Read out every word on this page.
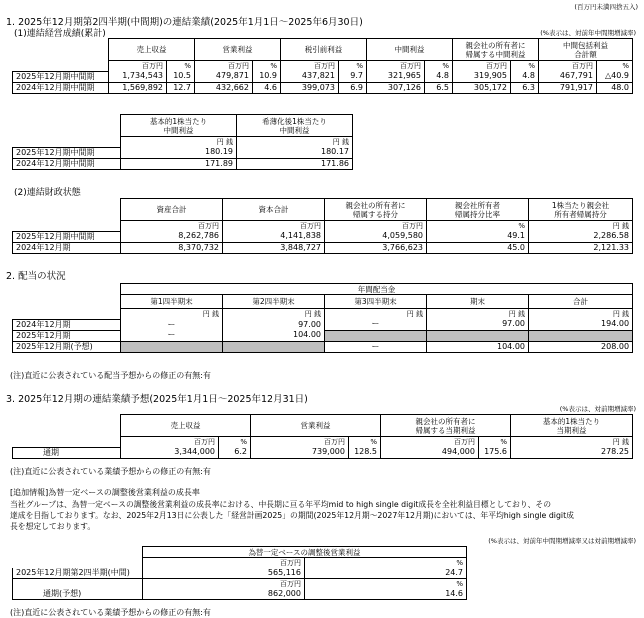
(百万円未満四捨五入)
1. 2025年12月期第2四半期(中間期)の連結業績(2025年1月1日～2025年6月30日)
(1)連結経営成績(累計)	(%表示は、対前年中間期増減率)
	売上収益		営業利益		税引前利益		中間利益		親会社の所有者に
帰属する中間利益		中間包括利益
合計額	
	百万円	%	百万円	%	百万円	%	百万円	%	百万円	%	百万円	%
2025年12月期中間期	1,734,543	10.5	479,871	10.9	437,821	9.7	321,965	4.8	319,905	4.8	467,791	△40.9
2024年12月期中間期	1,569,892	12.7	432,662	4.6	399,073	6.9	307,126	6.5	305,172	6.3	791,917	48.0
	基本的1株当たり
中間利益	希薄化後1株当たり
中間利益
	円 銭	円 銭
2025年12月期中間期	180.19	180.17
2024年12月期中間期	171.89	171.86
(2)連結財政状態
	資産合計	資本合計	親会社の所有者に
帰属する持分	親会社所有者
帰属持分比率	1株当たり親会社
所有者帰属持分
	百万円	百万円	百万円	%	円 銭
2025年12月期中間期	8,262,786	4,141,838	4,059,580	49.1	2,286.58
2024年12月期	8,370,732	3,848,727	3,766,623	45.0	2,121.33
2. 配当の状況
	年間配当金				
	第1四半期末	第2四半期末	第3四半期末	期末	合計
	円 銭	円 銭	円 銭	円 銭	円 銭
2024年12月期	ー	97.00	ー	97.00	194.00
2025年12月期	ー	104.00			
2025年12月期(予想)			ー	104.00	208.00
(注)直近に公表されている配当予想からの修正の有無:有
3. 2025年12月期の連結業績予想(2025年1月1日～2025年12月31日)
(%表示は、対前期増減率)
	売上収益		営業利益		親会社の所有者に
帰属する当期利益		基本的1株当たり
当期利益
	百万円	%	百万円	%	百万円	%	円 銭
通期	3,344,000	6.2	739,000	128.5	494,000	175.6	278.25
(注)直近に公表されている業績予想からの修正の有無:有
[追加情報]為替一定ベースの調整後営業利益の成長率
当社グループは、為替一定ベースの調整後営業利益の成長率における、中長期に亘る年平均mid to high single digit成長を全社利益目標としており、その
達成を目指しております。なお、2025年2月13日に公表した「経営計画2025」の期間(2025年12月期～2027年12月期)においては、年平均high single digit成
長を想定しております。
(%表示は、対前年中間期増減率又は対前期増減率)
	為替一定ベースの調整後営業利益	
	百万円	%
2025年12月期第2四半期(中間)	565,116	24.7
	百万円	%
通期(予想)	862,000	14.6
(注)直近に公表されている業績予想からの修正の有無:有
